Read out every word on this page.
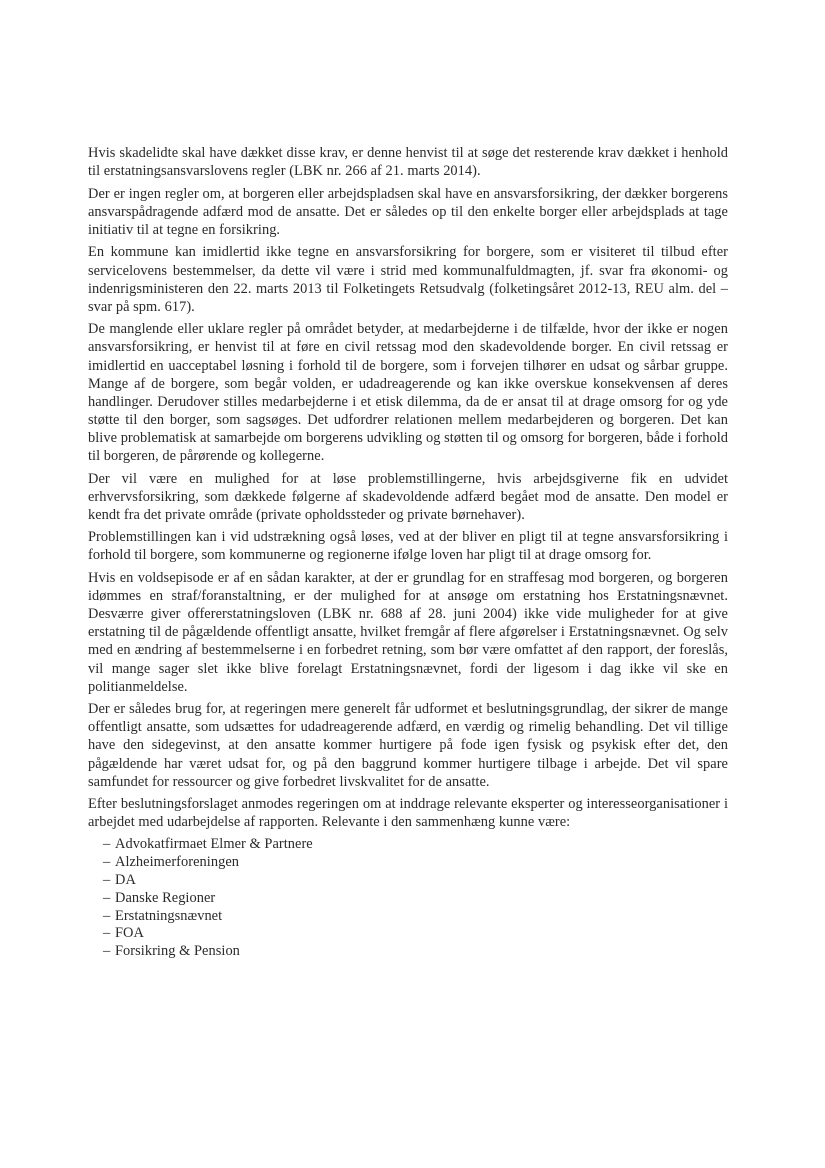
Hvis skadelidte skal have dækket disse krav, er denne henvist til at søge det resterende krav dækket i henhold til erstatningsansvarslovens regler (LBK nr. 266 af 21. marts 2014).

Der er ingen regler om, at borgeren eller arbejdspladsen skal have en ansvarsforsikring, der dækker borgerens ansvarspådragende adfærd mod de ansatte. Det er således op til den enkelte borger eller arbejdsplads at tage initiativ til at tegne en forsikring.

En kommune kan imidlertid ikke tegne en ansvarsforsikring for borgere, som er visiteret til tilbud efter servicelovens bestemmelser, da dette vil være i strid med kommunalfuldmagten, jf. svar fra økonomi- og indenrigsministeren den 22. marts 2013 til Folketingets Retsudvalg (folketingsåret 2012-13, REU alm. del – svar på spm. 617).

De manglende eller uklare regler på området betyder, at medarbejderne i de tilfælde, hvor der ikke er nogen ansvarsforsikring, er henvist til at føre en civil retssag mod den skadevoldende borger. En civil retssag er imidlertid en uacceptabel løsning i forhold til de borgere, som i forvejen tilhører en udsat og sårbar gruppe. Mange af de borgere, som begår volden, er udadreagerende og kan ikke overskue konsekvensen af deres handlinger. Derudover stilles medarbejderne i et etisk dilemma, da de er ansat til at drage omsorg for og yde støtte til den borger, som sagsøges. Det udfordrer relationen mellem medarbejderen og borgeren. Det kan blive problematisk at samarbejde om borgerens udvikling og støtten til og omsorg for borgeren, både i forhold til borgeren, de pårørende og kollegerne.

Der vil være en mulighed for at løse problemstillingerne, hvis arbejdsgiverne fik en udvidet erhvervsforsikring, som dækkede følgerne af skadevoldende adfærd begået mod de ansatte. Den model er kendt fra det private område (private opholdssteder og private børnehaver).

Problemstillingen kan i vid udstrækning også løses, ved at der bliver en pligt til at tegne ansvarsforsikring i forhold til borgere, som kommunerne og regionerne ifølge loven har pligt til at drage omsorg for.

Hvis en voldsepisode er af en sådan karakter, at der er grundlag for en straffesag mod borgeren, og borgeren idømmes en straf/foranstaltning, er der mulighed for at ansøge om erstatning hos Erstatningsnævnet. Desværre giver offererstatningsloven (LBK nr. 688 af 28. juni 2004) ikke vide muligheder for at give erstatning til de pågældende offentligt ansatte, hvilket fremgår af flere afgørelser i Erstatningsnævnet. Og selv med en ændring af bestemmelserne i en forbedret retning, som bør være omfattet af den rapport, der foreslås, vil mange sager slet ikke blive forelagt Erstatningsnævnet, fordi der ligesom i dag ikke vil ske en politianmeldelse.

Der er således brug for, at regeringen mere generelt får udformet et beslutningsgrundlag, der sikrer de mange offentligt ansatte, som udsættes for udadreagerende adfærd, en værdig og rimelig behandling. Det vil tillige have den sidegevinst, at den ansatte kommer hurtigere på fode igen fysisk og psykisk efter det, den pågældende har været udsat for, og på den baggrund kommer hurtigere tilbage i arbejde. Det vil spare samfundet for ressourcer og give forbedret livskvalitet for de ansatte.

Efter beslutningsforslaget anmodes regeringen om at inddrage relevante eksperter og interesseorganisationer i arbejdet med udarbejdelse af rapporten. Relevante i den sammenhæng kunne være:

– Advokatfirmaet Elmer & Partnere
– Alzheimerforeningen
– DA
– Danske Regioner
– Erstatningsnævnet
– FOA
– Forsikring & Pension
